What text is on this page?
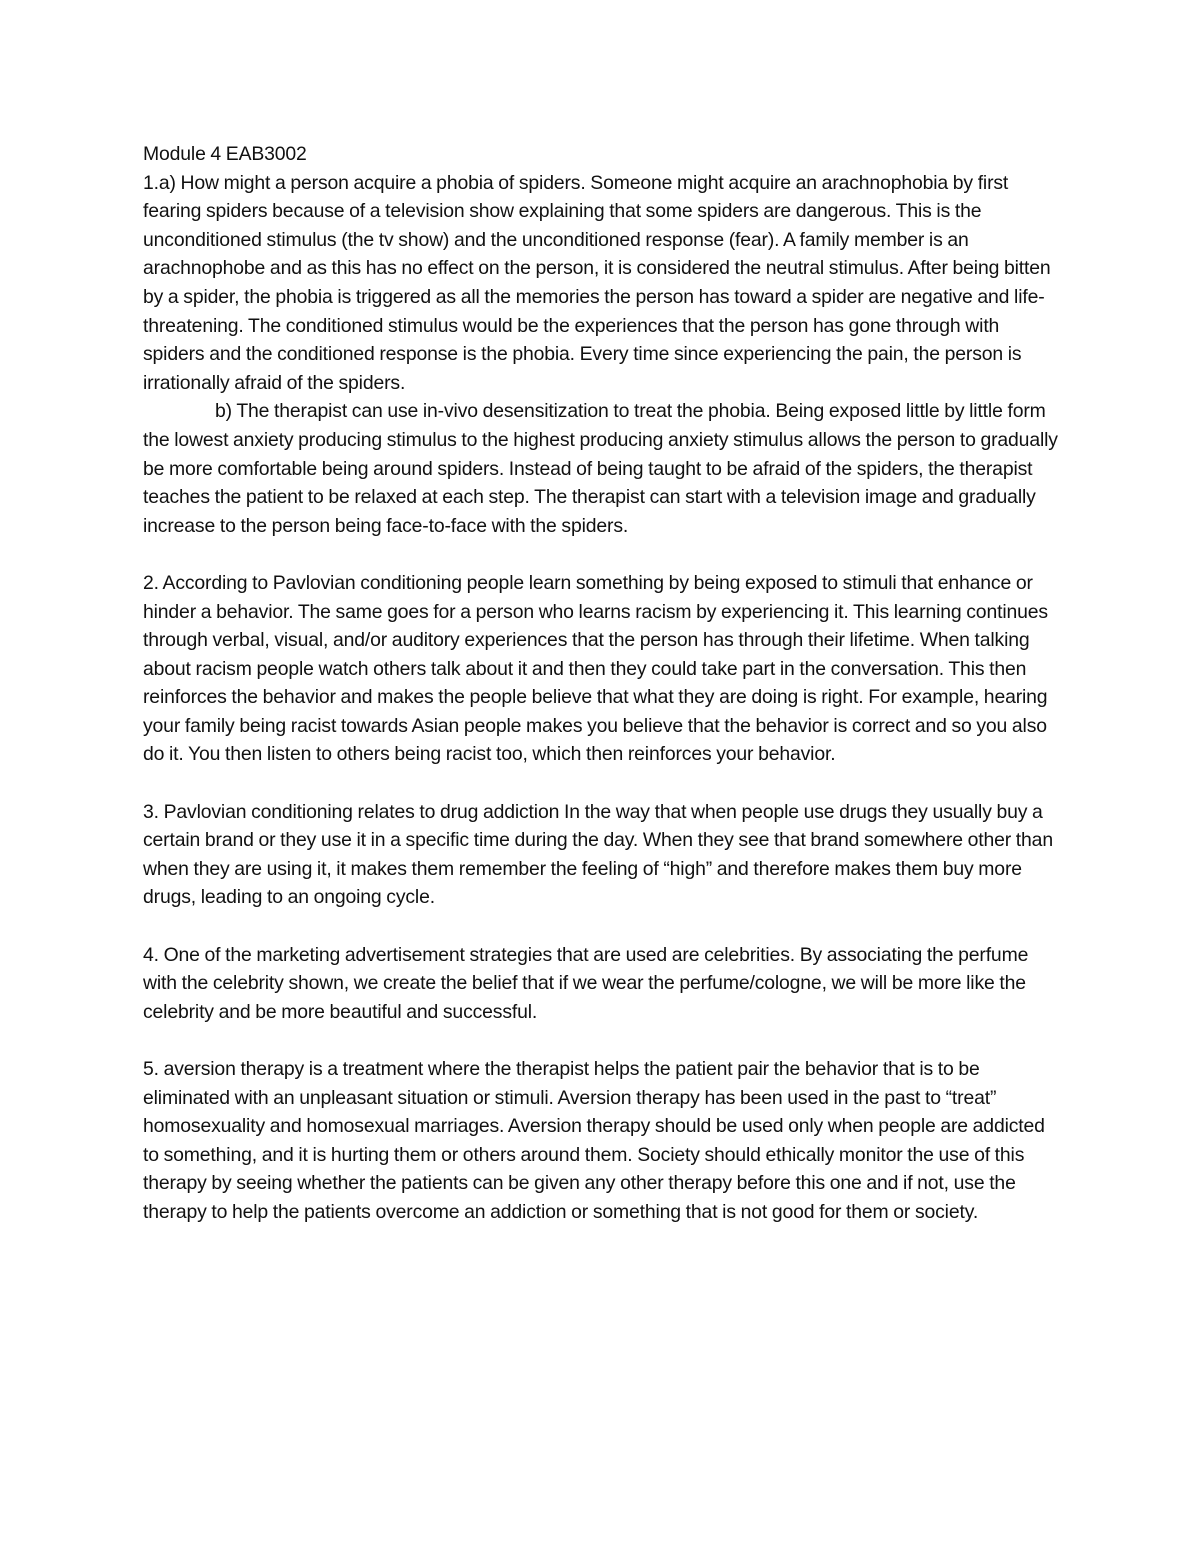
Module 4 EAB3002

1.a) How might a person acquire a phobia of spiders. Someone might acquire an arachnophobia by first fearing spiders because of a television show explaining that some spiders are dangerous. This is the unconditioned stimulus (the tv show) and the unconditioned response (fear). A family member is an arachnophobe and as this has no effect on the person, it is considered the neutral stimulus. After being bitten by a spider, the phobia is triggered as all the memories the person has toward a spider are negative and life-threatening. The conditioned stimulus would be the experiences that the person has gone through with spiders and the conditioned response is the phobia. Every time since experiencing the pain, the person is irrationally afraid of the spiders.

b) The therapist can use in-vivo desensitization to treat the phobia. Being exposed little by little form the lowest anxiety producing stimulus to the highest producing anxiety stimulus allows the person to gradually be more comfortable being around spiders. Instead of being taught to be afraid of the spiders, the therapist teaches the patient to be relaxed at each step. The therapist can start with a television image and gradually increase to the person being face-to-face with the spiders.

2. According to Pavlovian conditioning people learn something by being exposed to stimuli that enhance or hinder a behavior. The same goes for a person who learns racism by experiencing it. This learning continues through verbal, visual, and/or auditory experiences that the person has through their lifetime. When talking about racism people watch others talk about it and then they could take part in the conversation. This then reinforces the behavior and makes the people believe that what they are doing is right. For example, hearing your family being racist towards Asian people makes you believe that the behavior is correct and so you also do it. You then listen to others being racist too, which then reinforces your behavior.

3. Pavlovian conditioning relates to drug addiction In the way that when people use drugs they usually buy a certain brand or they use it in a specific time during the day. When they see that brand somewhere other than when they are using it, it makes them remember the feeling of “high” and therefore makes them buy more drugs, leading to an ongoing cycle.

4. One of the marketing advertisement strategies that are used are celebrities. By associating the perfume with the celebrity shown, we create the belief that if we wear the perfume/cologne, we will be more like the celebrity and be more beautiful and successful.

5. aversion therapy is a treatment where the therapist helps the patient pair the behavior that is to be eliminated with an unpleasant situation or stimuli. Aversion therapy has been used in the past to “treat” homosexuality and homosexual marriages. Aversion therapy should be used only when people are addicted to something, and it is hurting them or others around them. Society should ethically monitor the use of this therapy by seeing whether the patients can be given any other therapy before this one and if not, use the therapy to help the patients overcome an addiction or something that is not good for them or society.
